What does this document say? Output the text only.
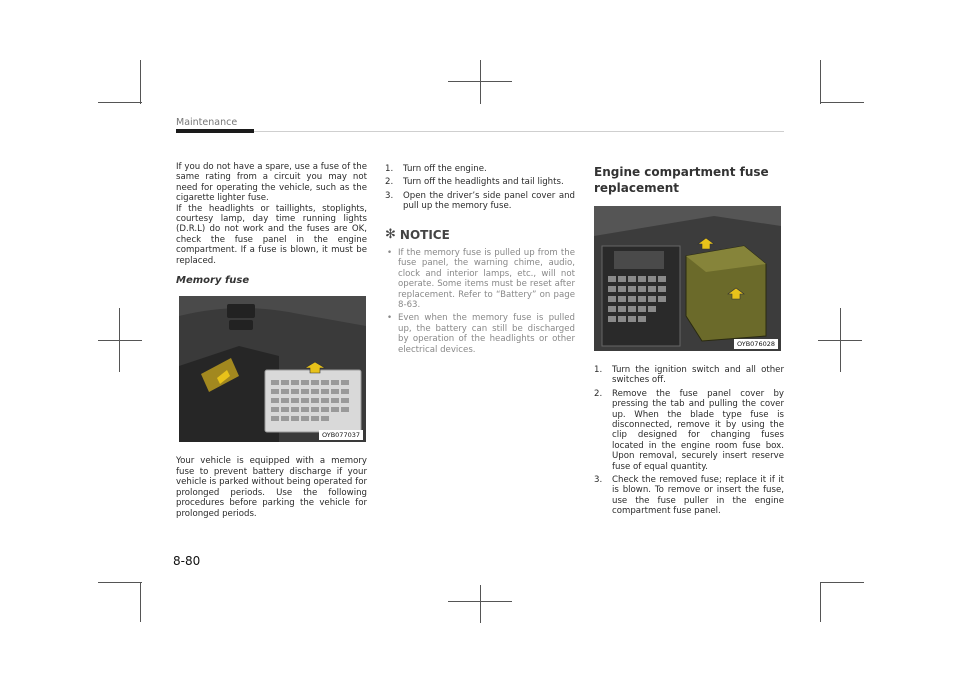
Maintenance

If you do not have a spare, use a fuse of the same rating from a circuit you may not need for operating the vehicle, such as the cigarette lighter fuse.

If the headlights or taillights, stoplights, courtesy lamp, day time running lights (D.R.L) do not work and the fuses are OK, check the fuse panel in the engine compartment. If a fuse is blown, it must be replaced.

Memory fuse
OYB077037

Your vehicle is equipped with a memory fuse to prevent battery discharge if your vehicle is parked without being operated for prolonged periods. Use the following procedures before parking the vehicle for prolonged periods.

1. Turn off the engine.
2. Turn off the headlights and tail lights.
3. Open the driver’s side panel cover and pull up the memory fuse.
✻ NOTICE
• If the memory fuse is pulled up from the fuse panel, the warning chime, audio, clock and interior lamps, etc., will not operate. Some items must be reset after replacement. Refer to “Battery” on page 8-63.
• Even when the memory fuse is pulled up, the battery can still be discharged by operation of the headlights or other electrical devices.
Engine compartment fuse replacement
OYB076028
1. Turn the ignition switch and all other switches off.
2. Remove the fuse panel cover by pressing the tab and pulling the cover up. When the blade type fuse is disconnected, remove it by using the clip designed for changing fuses located in the engine room fuse box. Upon removal, securely insert reserve fuse of equal quantity.
3. Check the removed fuse; replace it if it is blown. To remove or insert the fuse, use the fuse puller in the engine compartment fuse panel.
8-80
